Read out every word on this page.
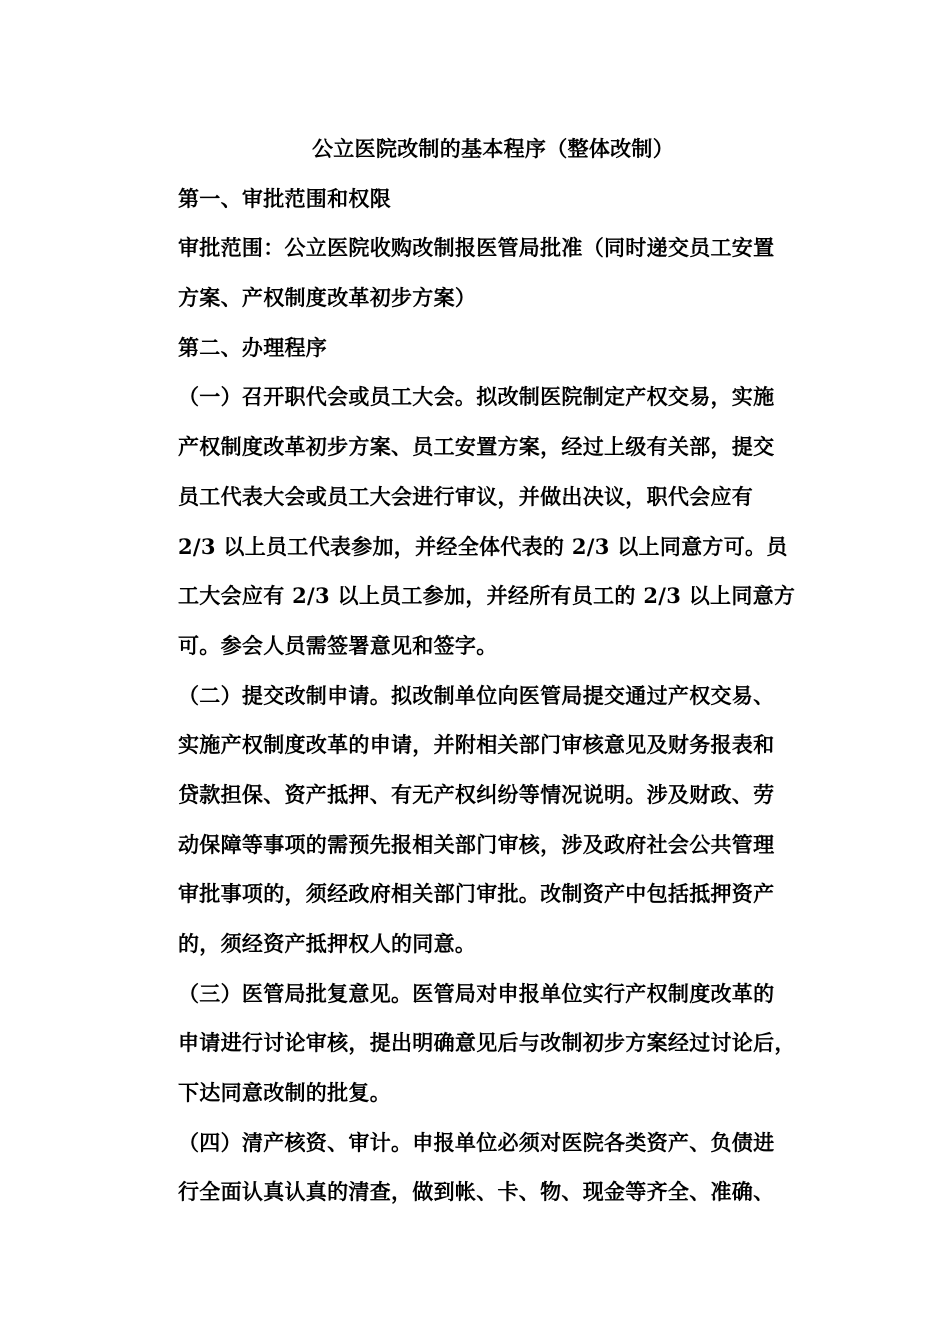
公立医院改制的基本程序（整体改制）
第一、审批范围和权限
审批范围：公立医院收购改制报医管局批准（同时递交员工安置
方案、产权制度改革初步方案）
第二、办理程序
（一）召开职代会或员工大会。拟改制医院制定产权交易，实施
产权制度改革初步方案、员工安置方案，经过上级有关部，提交
员工代表大会或员工大会进行审议，并做出决议，职代会应有
2/3 以上员工代表参加，并经全体代表的 2/3 以上同意方可。员
工大会应有 2/3 以上员工参加，并经所有员工的 2/3 以上同意方
可。参会人员需签署意见和签字。
（二）提交改制申请。拟改制单位向医管局提交通过产权交易、
实施产权制度改革的申请，并附相关部门审核意见及财务报表和
贷款担保、资产抵押、有无产权纠纷等情况说明。涉及财政、劳
动保障等事项的需预先报相关部门审核，涉及政府社会公共管理
审批事项的，须经政府相关部门审批。改制资产中包括抵押资产
的，须经资产抵押权人的同意。
（三）医管局批复意见。医管局对申报单位实行产权制度改革的
申请进行讨论审核，提出明确意见后与改制初步方案经过讨论后，
下达同意改制的批复。
（四）清产核资、审计。申报单位必须对医院各类资产、负债进
行全面认真认真的清查，做到帐、卡、物、现金等齐全、准确、
